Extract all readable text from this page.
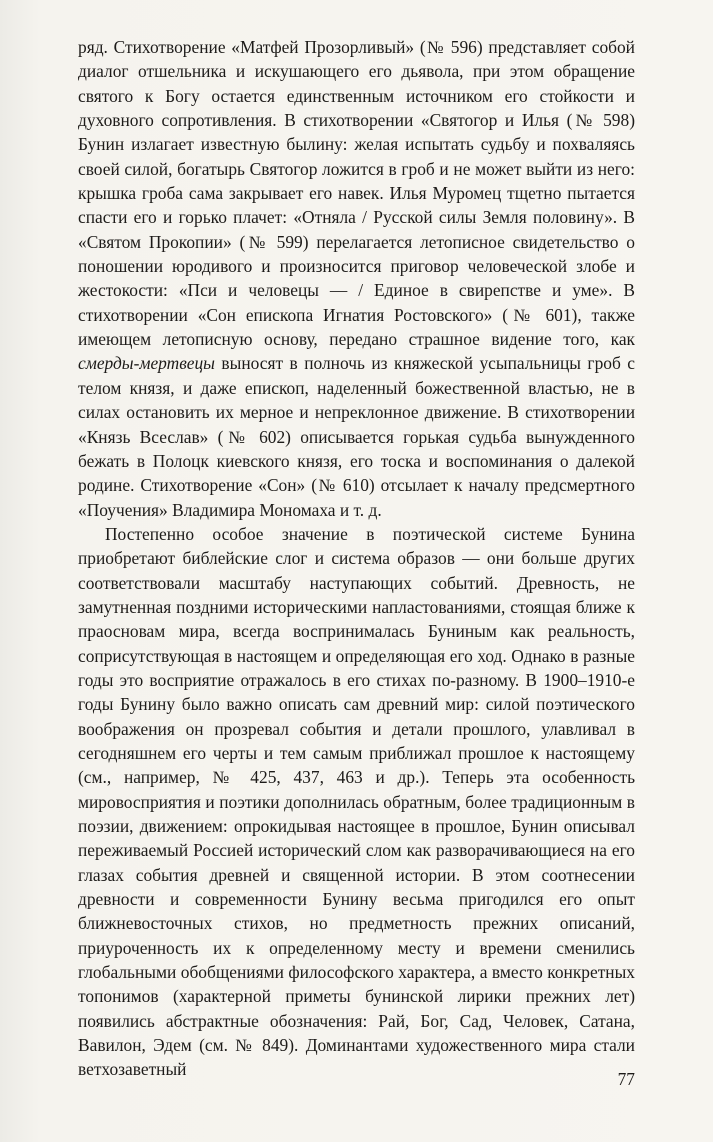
ряд. Стихотворение «Матфей Прозорливый» (№ 596) представляет собой диалог отшельника и искушающего его дьявола, при этом обращение святого к Богу остается единственным источником его стойкости и духовного сопротивления. В стихотворении «Святогор и Илья (№ 598) Бунин излагает известную былину: желая испытать судьбу и похваляясь своей силой, богатырь Святогор ложится в гроб и не может выйти из него: крышка гроба сама закрывает его навек. Илья Муромец тщетно пытается спасти его и горько плачет: «Отняла / Русской силы Земля половину». В «Святом Прокопии» (№ 599) перелагается летописное свидетельство о поношении юродивого и произносится приговор человеческой злобе и жестокости: «Пси и человецы — / Единое в свирепстве и уме». В стихотворении «Сон епископа Игнатия Ростовского» (№ 601), также имеющем летописную основу, передано страшное видение того, как смерды-мертвецы выносят в полночь из княжеской усыпальницы гроб с телом князя, и даже епископ, наделенный божественной властью, не в силах остановить их мерное и непреклонное движение. В стихотворении «Князь Всеслав» (№ 602) описывается горькая судьба вынужденного бежать в Полоцк киевского князя, его тоска и воспоминания о далекой родине. Стихотворение «Сон» (№ 610) отсылает к началу предсмертного «Поучения» Владимира Мономаха и т. д.

Постепенно особое значение в поэтической системе Бунина приобретают библейские слог и система образов — они больше других соответствовали масштабу наступающих событий. Древность, не замутненная поздними историческими напластованиями, стоящая ближе к праосновам мира, всегда воспринималась Буниным как реальность, соприсутствующая в настоящем и определяющая его ход. Однако в разные годы это восприятие отражалось в его стихах по-разному. В 1900–1910-е годы Бунину было важно описать сам древний мир: силой поэтического воображения он прозревал события и детали прошлого, улавливал в сегодняшнем его черты и тем самым приближал прошлое к настоящему (см., например, № 425, 437, 463 и др.). Теперь эта особенность мировосприятия и поэтики дополнилась обратным, более традиционным в поэзии, движением: опрокидывая настоящее в прошлое, Бунин описывал переживаемый Россией исторический слом как разворачивающиеся на его глазах события древней и священной истории. В этом соотнесении древности и современности Бунину весьма пригодился его опыт ближневосточных стихов, но предметность прежних описаний, приуроченность их к определенному месту и времени сменились глобальными обобщениями философского характера, а вместо конкретных топонимов (характерной приметы бунинской лирики прежних лет) появились абстрактные обозначения: Рай, Бог, Сад, Человек, Сатана, Вавилон, Эдем (см. № 849). Доминантами художественного мира стали ветхозаветный	77
